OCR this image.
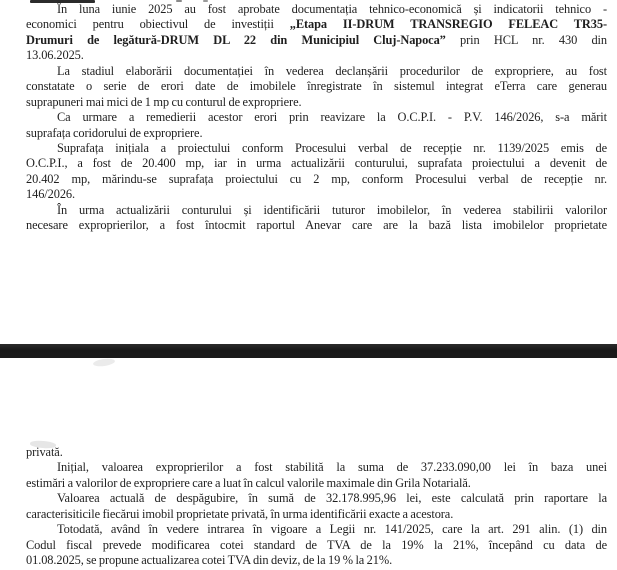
În luna iunie 2025 au fost aprobate documentația tehnico-economică și indicatorii tehnico -
economici pentru obiectivul de investiții „Etapa II-DRUM TRANSREGIO FELEAC TR35-
Drumuri de legătură-DRUM DL 22 din Municipiul Cluj-Napoca” prin HCL nr. 430 din
13.06.2025.
La stadiul elaborării documentației în vederea declanșării procedurilor de expropriere, au fost
constatate o serie de erori date de imobilele înregistrate în sistemul integrat eTerra care generau
suprapuneri mai mici de 1 mp cu conturul de expropriere.
Ca urmare a remedierii acestor erori prin reavizare la O.C.P.I. - P.V. 146/2026, s-a mărit
suprafața coridorului de expropriere.
Suprafața inițiala a proiectului conform Procesului verbal de recepție nr. 1139/2025 emis de
O.C.P.I., a fost de 20.400 mp, iar in urma actualizării conturului, suprafata proiectului a devenit de
20.402 mp, mărindu-se suprafața proiectului cu 2 mp, conform Procesului verbal de recepție nr.
146/2026.
În urma actualizării conturului și identificării tuturor imobilelor, în vederea stabilirii valorilor
necesare exproprierilor, a fost întocmit raportul Anevar care are la bază lista imobilelor proprietate
privată.
Inițial, valoarea exproprierilor a fost stabilită la suma de 37.233.090,00 lei în baza unei
estimări a valorilor de expropriere care a luat în calcul valorile maximale din Grila Notarială.
Valoarea actuală de despăgubire, în sumă de 32.178.995,96 lei, este calculată prin raportare la
caracterisiticile fiecărui imobil proprietate privată, în urma identificării exacte a acestora.
Totodată, având în vedere intrarea în vigoare a Legii nr. 141/2025, care la art. 291 alin. (1) din
Codul fiscal prevede modificarea cotei standard de TVA de la 19% la 21%, începând cu data de
01.08.2025, se propune actualizarea cotei TVA din deviz, de la 19 % la 21%.
